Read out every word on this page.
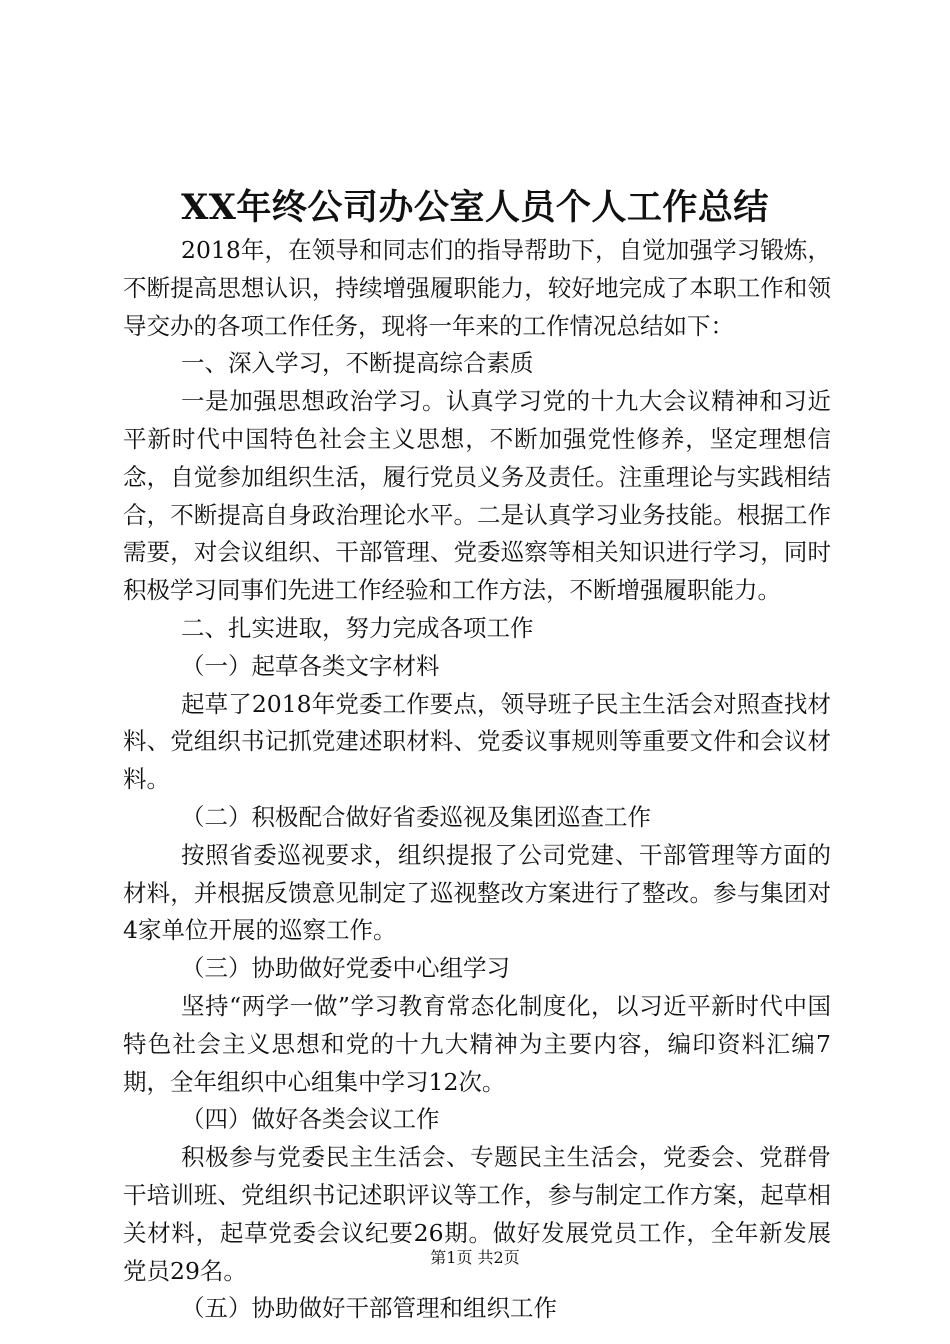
XX年终公司办公室人员个人工作总结

2018年，在领导和同志们的指导帮助下，自觉加强学习锻炼，不断提高思想认识，持续增强履职能力，较好地完成了本职工作和领导交办的各项工作任务，现将一年来的工作情况总结如下：

一、深入学习，不断提高综合素质

一是加强思想政治学习。认真学习党的十九大会议精神和习近平新时代中国特色社会主义思想，不断加强党性修养，坚定理想信念，自觉参加组织生活，履行党员义务及责任。注重理论与实践相结合，不断提高自身政治理论水平。二是认真学习业务技能。根据工作需要，对会议组织、干部管理、党委巡察等相关知识进行学习，同时积极学习同事们先进工作经验和工作方法，不断增强履职能力。

二、扎实进取，努力完成各项工作

（一）起草各类文字材料

起草了2018年党委工作要点，领导班子民主生活会对照查找材料、党组织书记抓党建述职材料、党委议事规则等重要文件和会议材料。

（二）积极配合做好省委巡视及集团巡查工作

按照省委巡视要求，组织提报了公司党建、干部管理等方面的材料，并根据反馈意见制定了巡视整改方案进行了整改。参与集团对4家单位开展的巡察工作。

（三）协助做好党委中心组学习

坚持“两学一做”学习教育常态化制度化，以习近平新时代中国特色社会主义思想和党的十九大精神为主要内容，编印资料汇编7期，全年组织中心组集中学习12次。

（四）做好各类会议工作

积极参与党委民主生活会、专题民主生活会，党委会、党群骨干培训班、党组织书记述职评议等工作，参与制定工作方案，起草相关材料，起草党委会议纪要26期。做好发展党员工作，全年新发展党员29名。

（五）协助做好干部管理和组织工作

第1页 共2页
